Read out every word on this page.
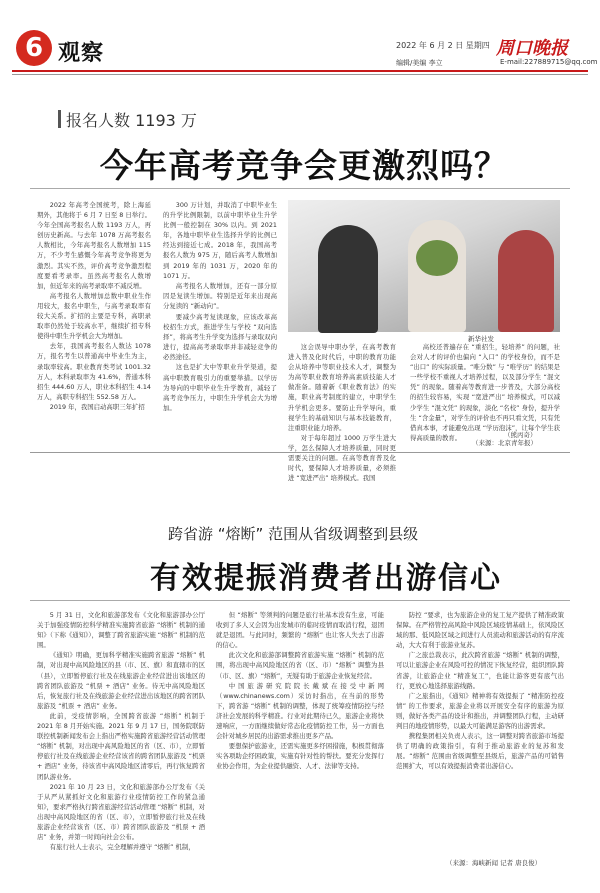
6 观察	2022 年 6 月 2 日 星期四 周口晚报
编辑/美编 李立	E-mail:227889715@qq.com
报名人数 1193 万
今年高考竞争会更激烈吗？

2022 年高考全国统考，除上海延期外，其他将于 6 月 7 日至 8 日举行。今年全国高考报名人数 1193 万人，再创历史新高。与去年 1078 万高考报名人数相比，今年高考报名人数增加 115 万，不少考生感慨今年高考竞争将更为激烈。其实不然，评价高考竞争激烈程度要看考录率。虽然高考报名人数增加，但近年来的高考录取率不减反增。

高考报名人数增加总数中职业生作用较大，报名中职生，与高考录取率有较大关系。扩招的主要是专科，高职录取率仍然处于较高水平，继续扩招专科使得中职生升学机会大为增加。

去年，我国高考报名人数达 1078 万，报名考生以普通高中毕业生为主，录取率较高。职业教育类考试 1001.32 万人，本科录取率为 41.6%，普通本科招生 444.60 万人，职业本科招生 4.14 万人，高职专科招生 552.58 万人。

2019 年，我国启动高职三年扩招

300 万计划，并取消了中职毕业生的升学比例限制，以前中职毕业生升学比例一般控制在 30% 以内。到 2021 年，各地中职毕业生选择升学的比例已经达到接近七成。2018 年，我国高考报名人数为 975 万，随后高考人数增加到 2019 年的 1031 万，2020 年的 1071 万。

高考报名人数增加，还有一部分原因是复读生增加。特别是近年来出现高分复读的 “新动向”。

要减少高考复读现象，应该改革高校招生方式，推进学生与学校 “双向选择”，将高考生升学变为选择与录取双向进行，提高高考录取率并非减轻竞争的必然途径。

这也是扩大中等职业升学渠道，提高中职教育吸引力的重要举措。以学历为导向的中职毕业生升学教育，减轻了高考竞争压力，中职生升学机会大为增加。

新华社发

这会误导中职办学，在高考教育进入普及化时代后，中职的教育功能会从培养中等职业技术人才，调整为为高等职业教育培养高素质技能人才做准备。随着新《职业教育法》的实施，职业高考制度的建立，中职学生升学机会更多。要防止升学导向，重视学生的基础知识与基本技能教育，注重职业能力培养。

对于每年超过 1000 万学生进大学，怎么保障人才培养质量，同时更需要关注的问题。在高等教育普及化时代，要保障人才培养质量，必须推进 “宽进严出” 培养模式。我国

高校还普遍存在 “重招生，轻培养” 的问题，社会对人才的评价也偏向 “入口” 的学校身份，而不是 “出口” 的实际质量。“唯分数” 与 “唯学历” 的结果是一些学校不重视人才培养过程，以及部分学生 “混文凭” 的现象。随着高等教育进一步普及，大部分高校的招生较容易，实现 “宽进严出” 培养模式，可以减少学生 “混文凭” 的现象，淡化 “名校” 身份，提升学生 “含金量”，对学生的评价也不再只看文凭，只有凭借真本事，才能避免出现 “学历泡沫”，让每个学生获得高质量的教育。	（熊丙奇）
（来源：北京青年报）
跨省游 “熔断” 范围从省级调整到县级
有效提振消费者出游信心

5 月 31 日，文化和旅游部发布《文化和旅游部办公厅关于加强疫情防控科学精准实施跨省旅游 “熔断” 机制的通知》（下称《通知》），调整了跨省旅游实施 “熔断” 机制的范围。

《通知》明确，更加科学精准实施跨省旅游 “熔断” 机制，对出现中高风险地区的县（市、区、旗）和直辖市的区（县），立即暂停旅行社及在线旅游企业经营进出该地区的跨省团队旅游及 “机票 + 酒店” 业务。待无中高风险地区后，恢复旅行社及在线旅游企业经营进出该地区的跨省团队旅游及 “机票 + 酒店” 业务。

此前，受疫情影响，全国跨省旅游 “熔断” 机制于 2021 年 8 月开始实施。2021 年 9 月 17 日，国务院联防联控机制新闻发布会上指出严格实施跨省旅游经营活动管理 “熔断” 机制，对出现中高风险地区的省（区、市），立即暂停旅行社及在线旅游企业经营该省的跨省团队旅游及 “机票 + 酒店” 业务，待该省中高风险地区清零后，再行恢复跨省团队游业务。

2021 年 10 月 23 日，文化和旅游部办公厅发布《关于从严从紧抓好文化和旅游行业疫情防控工作的紧急通知》，要求严格执行跨省旅游经营活动管理 “熔断” 机制，对出现中高风险地区的省（区、市），立即暂停旅行社及在线旅游企业经营该省（区、市）跨省团队旅游及 “机票 + 酒店” 业务，并第一时间向社会公布。

有旅行社人士表示，完全理解并遵守 “熔断” 机制，

但 “熔断” 等须判的问题是旅行社基本没有生意，可能收到了多人又会因为出发城市的临时疫情而取消行程，退团就是退团。与此同时，频繁的 “熔断” 也让客人失去了出游的信心。

此次文化和旅游部调整跨省旅游实施 “熔断” 机制的范围，将出现中高风险地区的省（区、市）“熔断” 调整为县（市、区、旗）“熔断”，无疑有助于旅游企业恢复经营。

中国旅游研究院院长戴斌在接受中新网（www.chinanews.com）采访时指出，在当前的形势下，跨省游 “熔断” 机制的调整，体现了统筹疫情防控与经济社会发展的科学精准。行业对此期待已久，旅游企业将快速响应，一方面继续做好常态化疫情防控工作，另一方面也会针对城乡居民的出游需求推出更多产品。

要想保护旅游业，还需实施更多纾困措施，积极贯彻落实各项助企纾困政策，实施有针对性的帮扶。要充分发挥行业协会作用，为企业提供融资、人才、法律等支持。

防控 “要求，也为旅游企业的复工复产提供了精准政策保障。在严格管控高风险中风险区域疫情基础上，依风险区域的那、低风险区域之间进行人员流动和旅游活动的有序流动，大大有利于旅游业复苏。

广之旅总裁表示，此次跨省旅游 “熔断” 机制的调整，可以让旅游企业在风险可控的情况下恢复经营，组织团队跨省游，让旅游企业 “精准复工”，也能让游客更有底气出行，更放心地选择旅游线路。

广之旅指出，《通知》精神将有效提振了 “精准防控疫情” 的工作要求，旅游企业将以开展安全有序的旅游为原则，做好各类产品的设计和推出，并调整团队行程，主动研判目的地疫情形势，以最大可能满足游客的出游需求。

携程集团相关负责人表示，这一调整对跨省旅游市场提供了明确的政策指引，有利于推动旅游业的复苏和发展。“熔断” 范围由省级调整至县级后，旅游产品的可销售范围扩大，可以有效提振消费者出游信心。

（来源：海峡新闻 记者 唐良俊）
